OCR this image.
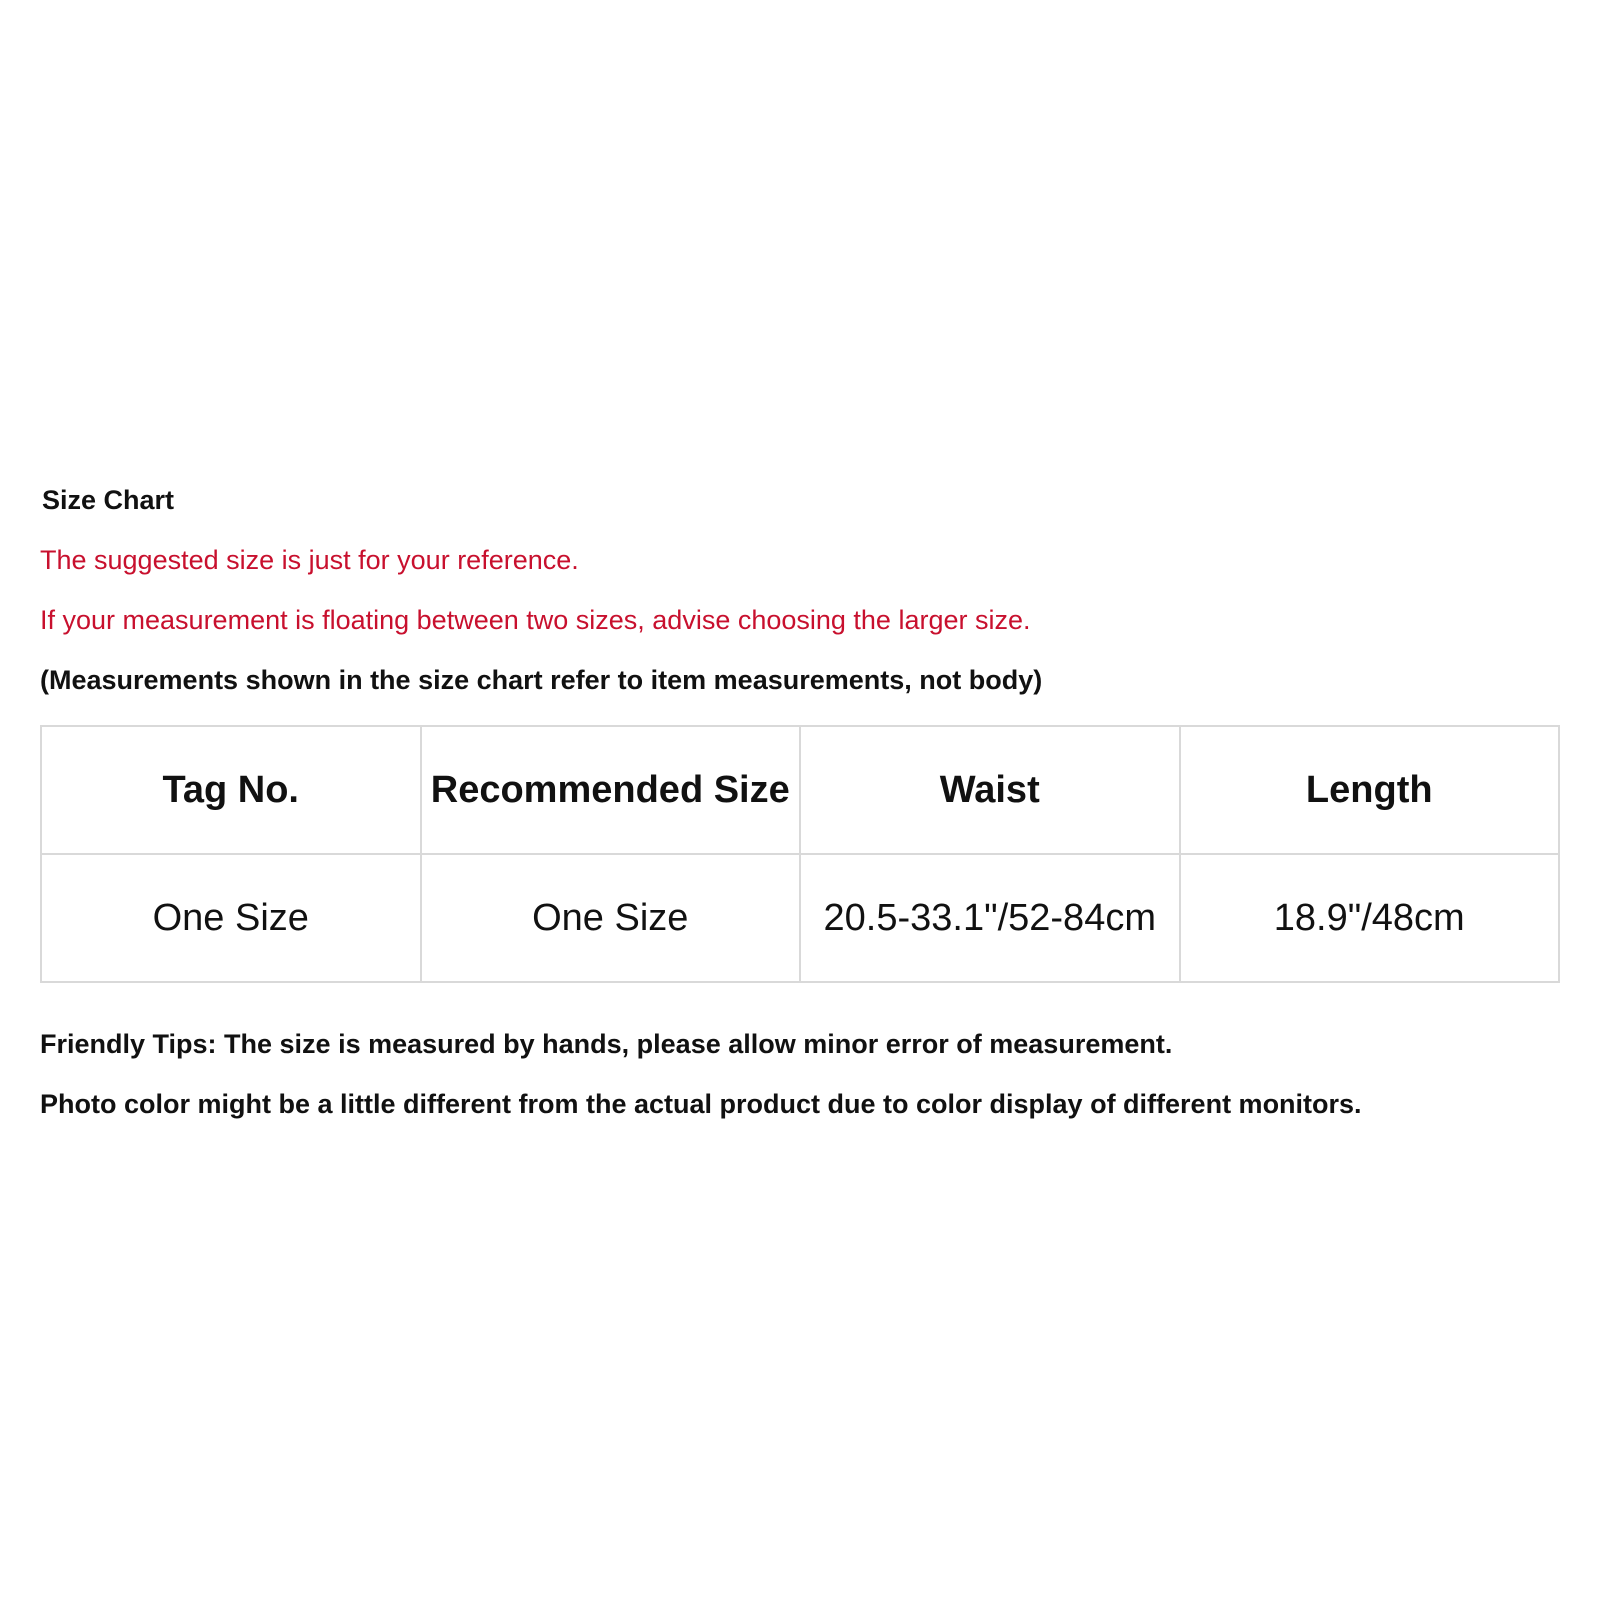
Size Chart
The suggested size is just for your reference.
If your measurement is floating between two sizes, advise choosing the larger size.
(Measurements shown in the size chart refer to item measurements, not body)
Tag No.	Recommended Size	Waist	Length
One Size	One Size	20.5-33.1"/52-84cm	18.9"/48cm
Friendly Tips: The size is measured by hands, please allow minor error of measurement.
Photo color might be a little different from the actual product due to color display of different monitors.
